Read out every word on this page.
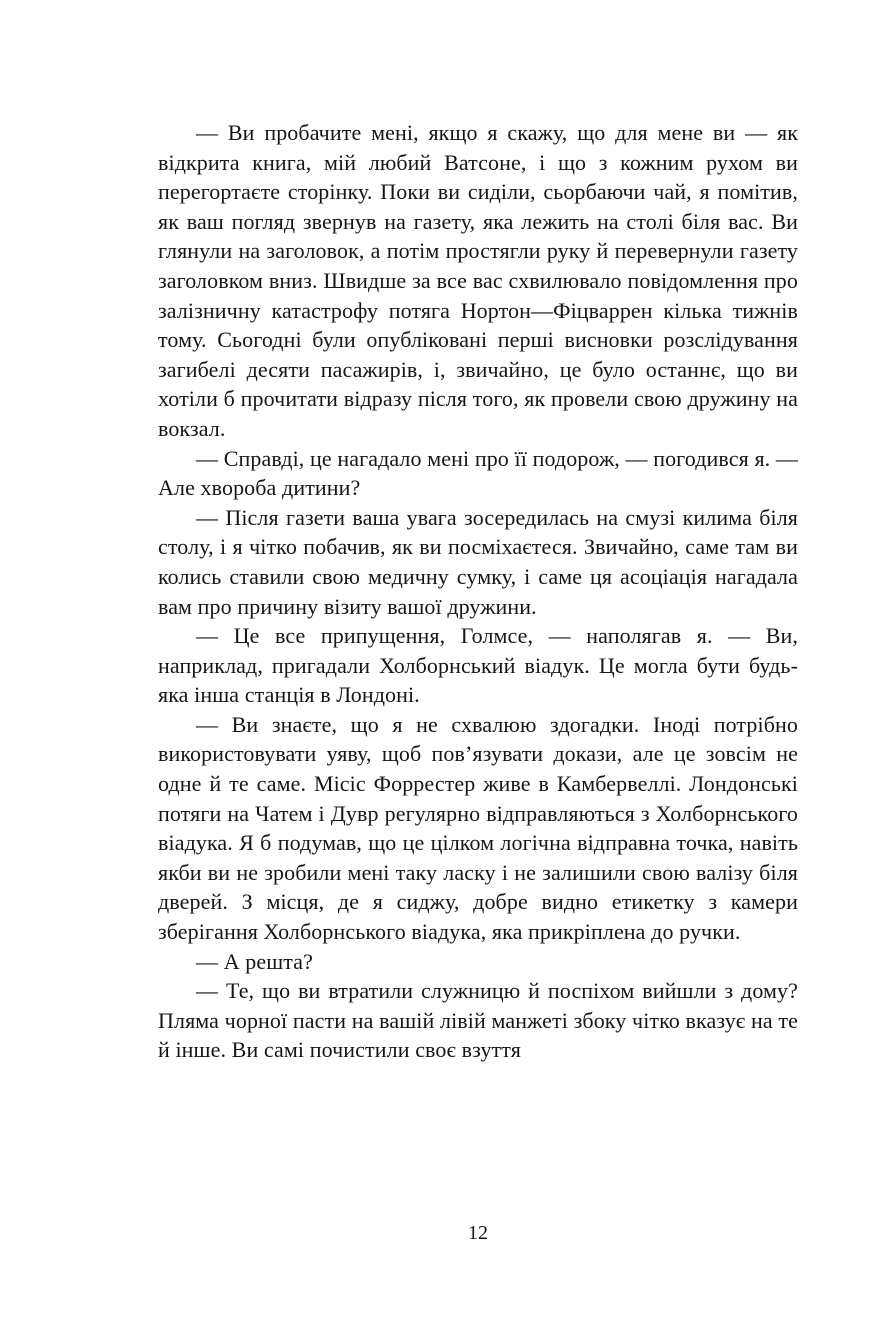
— Ви пробачите мені, якщо я скажу, що для мене ви — як відкрита книга, мій любий Ватсоне, і що з кожним рухом ви перегортаєте сторінку. Поки ви сиділи, сьорбаючи чай, я помітив, як ваш погляд звернув на газету, яка лежить на столі біля вас. Ви глянули на заголовок, а потім простягли руку й перевернули газету заголовком вниз. Швидше за все вас схвилювало повідомлення про залізничну катастрофу потяга Нортон—Фіцваррен кілька тижнів тому. Сьогодні були опубліковані перші висновки розслідування загибелі десяти пасажирів, і, звичайно, це було останнє, що ви хотіли б прочитати відразу після того, як провели свою дружину на вокзал.

— Справді, це нагадало мені про її подорож, — погодився я. — Але хвороба дитини?

— Після газети ваша увага зосередилась на смузі килима біля столу, і я чітко побачив, як ви посміхаєтеся. Звичайно, саме там ви колись ставили свою медичну сумку, і саме ця асоціація нагадала вам про причину візиту вашої дружини.

— Це все припущення, Голмсе, — наполягав я. — Ви, наприклад, пригадали Холборнський віадук. Це могла бути будь-яка інша станція в Лондоні.

— Ви знаєте, що я не схвалюю здогадки. Іноді потрібно використовувати уяву, щоб пов’язувати докази, але це зовсім не одне й те саме. Місіс Форрестер живе в Камбервеллі. Лондонські потяги на Чатем і Дувр регулярно відправляються з Холборнського віадука. Я б подумав, що це цілком логічна відправна точка, навіть якби ви не зробили мені таку ласку і не залишили свою валізу біля дверей. З місця, де я сиджу, добре видно етикетку з камери зберігання Холборнського віадука, яка прикріплена до ручки.

— А решта?

— Те, що ви втратили служницю й поспіхом вийшли з дому? Пляма чорної пасти на вашій лівій манжеті збоку чітко вказує на те й інше. Ви самі почистили своє взуття

12
